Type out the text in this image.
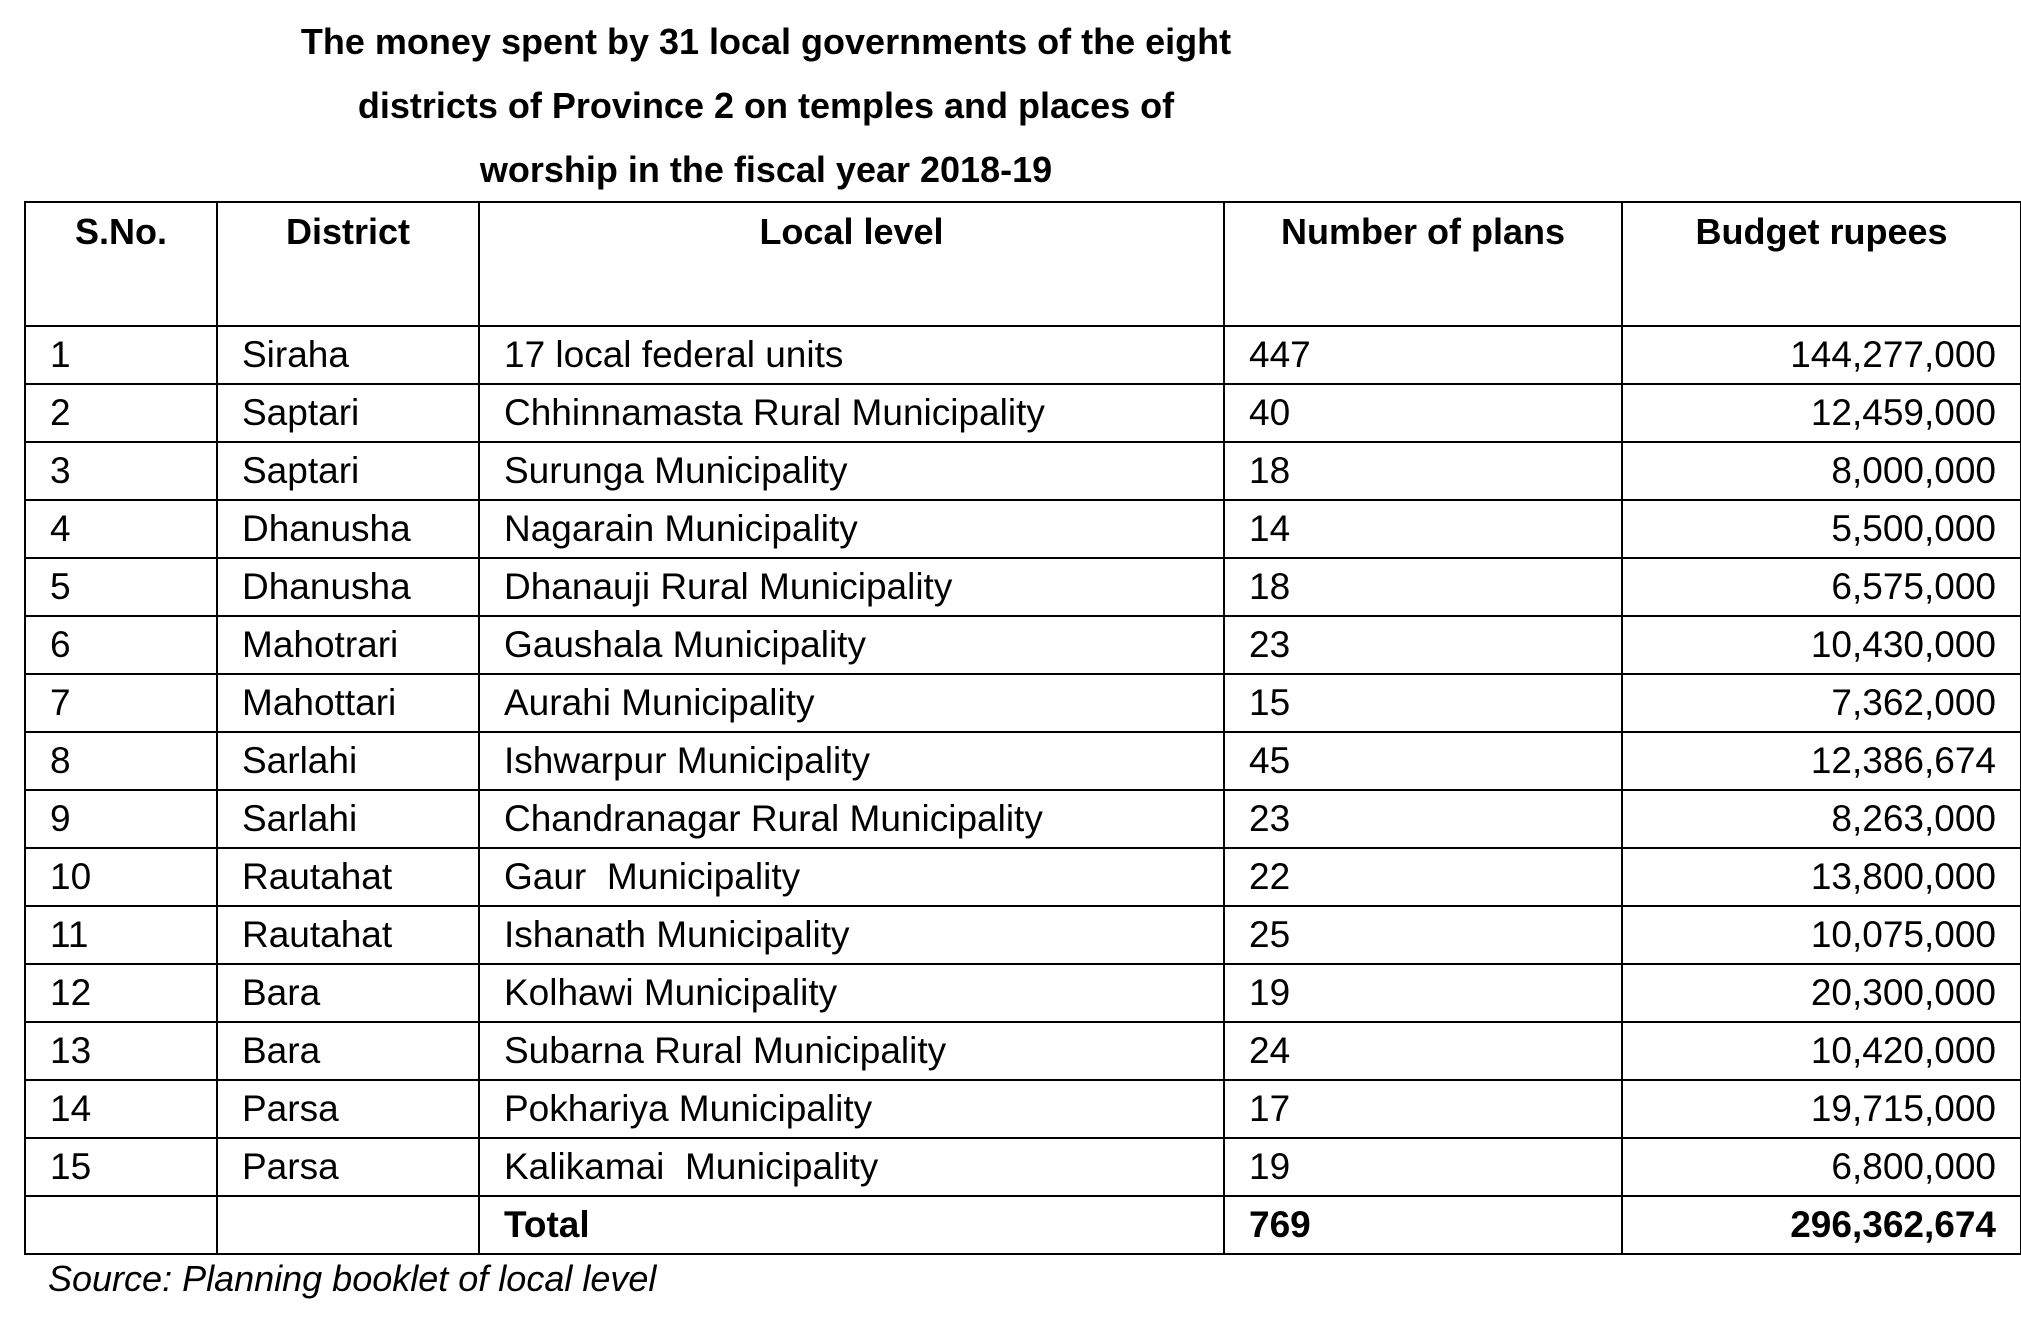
The money spent by 31 local governments of the eight
districts of Province 2 on temples and places of
worship in the fiscal year 2018-19
S.No.	District	Local level	Number of plans	Budget rupees
1	Siraha	17 local federal units	447	144,277,000
2	Saptari	Chhinnamasta Rural Municipality	40	12,459,000
3	Saptari	Surunga Municipality	18	8,000,000
4	Dhanusha	Nagarain Municipality	14	5,500,000
5	Dhanusha	Dhanauji Rural Municipality	18	6,575,000
6	Mahotrari	Gaushala Municipality	23	10,430,000
7	Mahottari	Aurahi Municipality	15	7,362,000
8	Sarlahi	Ishwarpur Municipality	45	12,386,674
9	Sarlahi	Chandranagar Rural Municipality	23	8,263,000
10	Rautahat	Gaur  Municipality	22	13,800,000
11	Rautahat	Ishanath Municipality	25	10,075,000
12	Bara	Kolhawi Municipality	19	20,300,000
13	Bara	Subarna Rural Municipality	24	10,420,000
14	Parsa	Pokhariya Municipality	17	19,715,000
15	Parsa	Kalikamai  Municipality	19	6,800,000
		Total	769	296,362,674
Source: Planning booklet of local level
